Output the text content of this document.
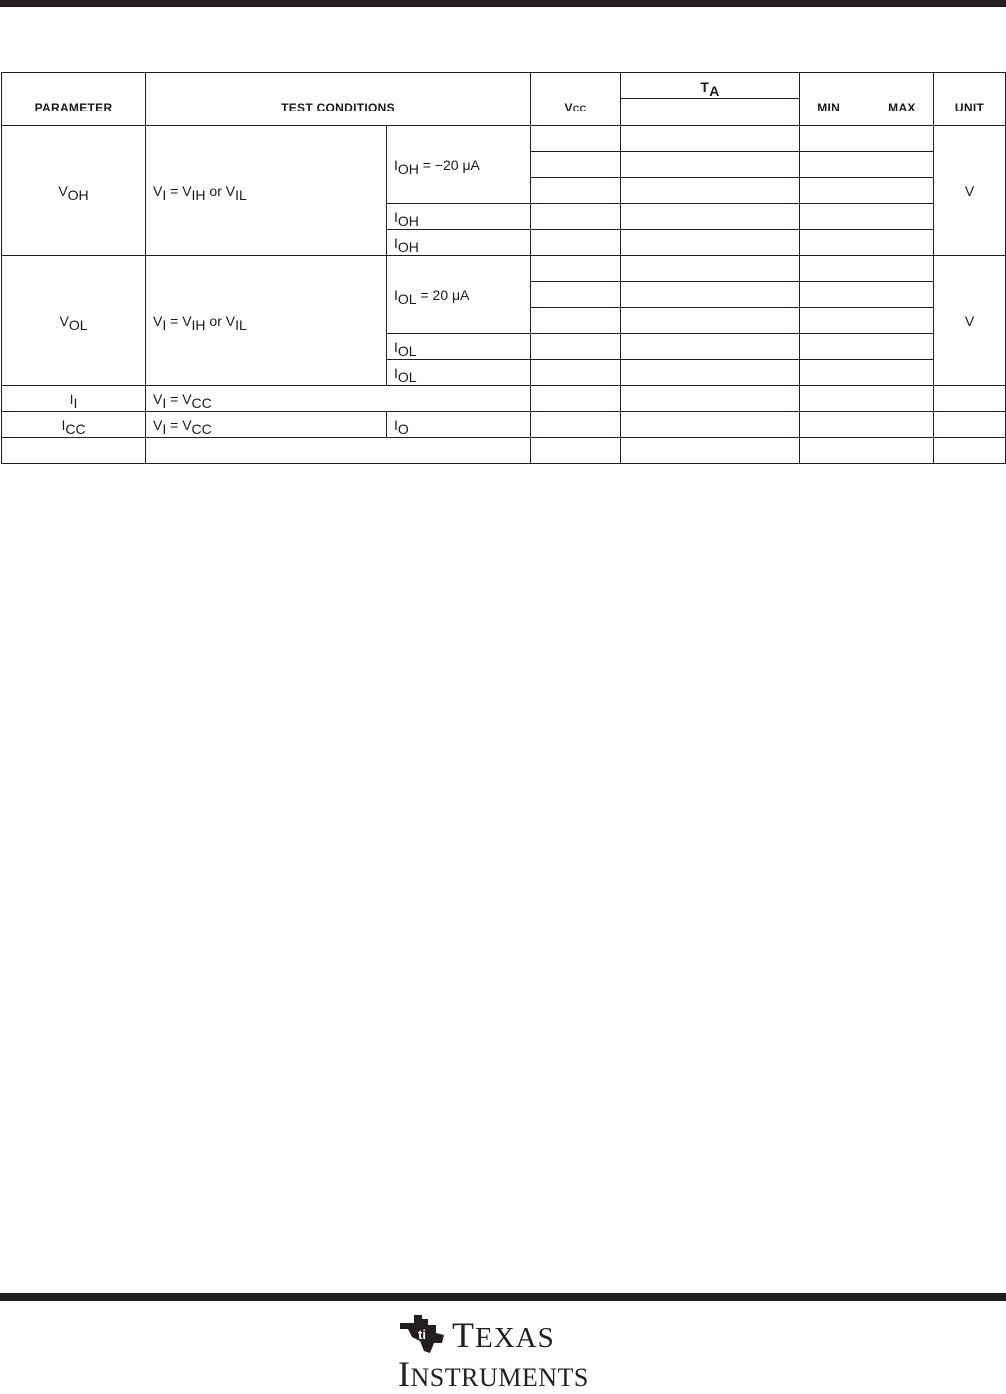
PARAMETER	TEST CONDITIONS		VCC	$T_A$	MIN MAX	UNIT

$V_{OH}$	$V_I = V_{IH}$ or $V_{IL}$	$I_{OH} = -20$ μA				V

		$I_{OH}$			
		$I_{OH}$			
$V_{OL}$	$V_I = V_{IH}$ or $V_{IL}$	$I_{OL} = 20$ μA				V

		$I_{OL}$			
		$I_{OL}$			
$I_I$	$V_I = V_{CC}$				
$I_{CC}$	$V_I = V_{CC}$	$I_O$				

ti TEXAS
INSTRUMENTS
